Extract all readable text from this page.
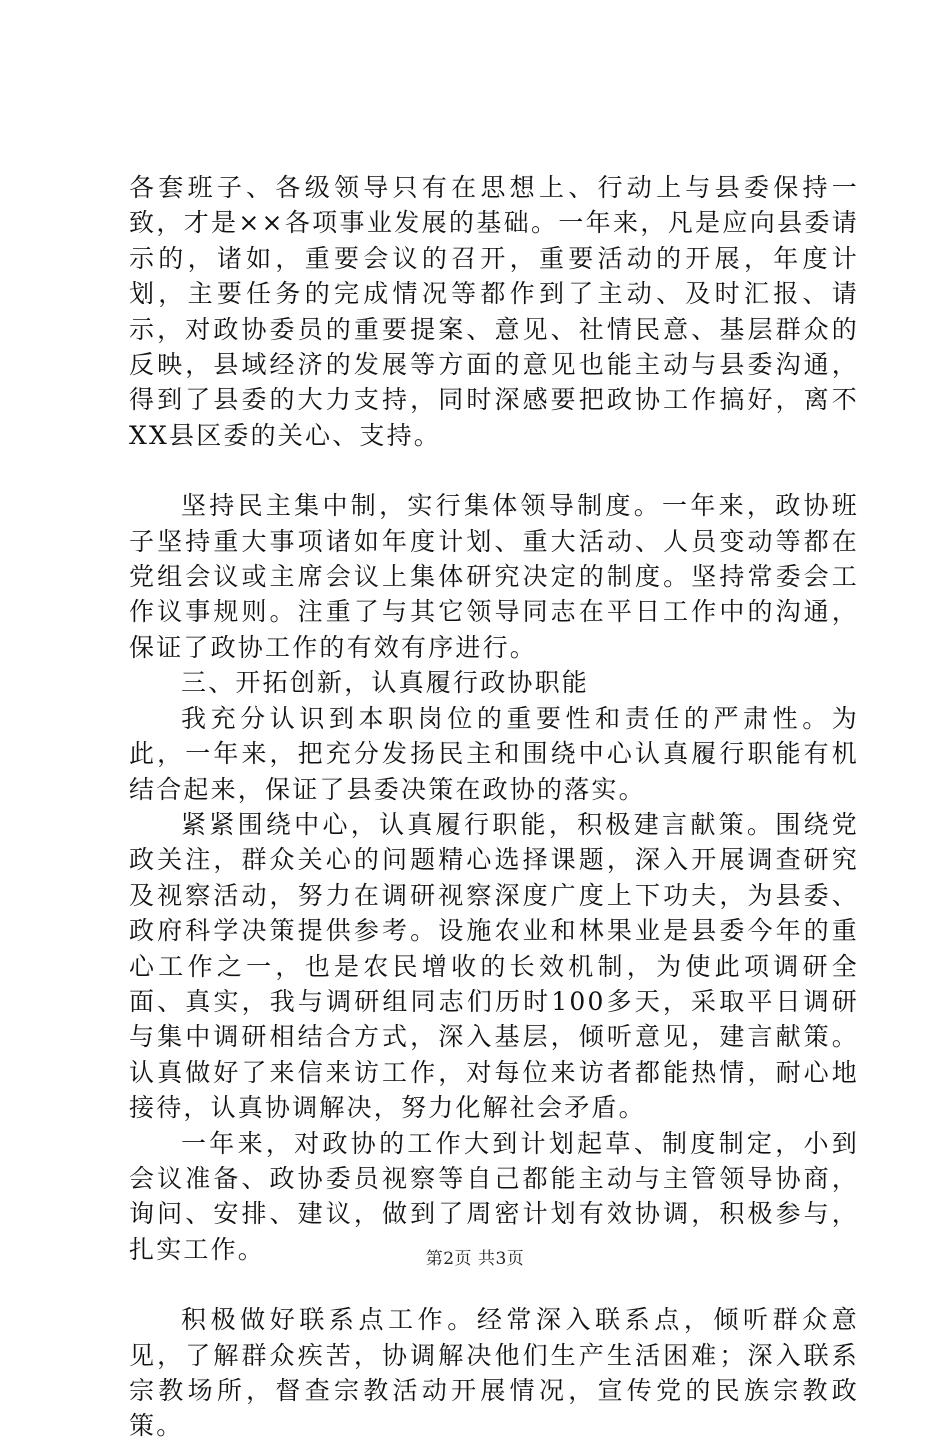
各套班子、各级领导只有在思想上、行动上与县委保持一致，才是××各项事业发展的基础。一年来，凡是应向县委请示的，诸如，重要会议的召开，重要活动的开展，年度计划，主要任务的完成情况等都作到了主动、及时汇报、请示，对政协委员的重要提案、意见、社情民意、基层群众的反映，县域经济的发展等方面的意见也能主动与县委沟通，得到了县委的大力支持，同时深感要把政协工作搞好，离不XX县区委的关心、支持。

坚持民主集中制，实行集体领导制度。一年来，政协班子坚持重大事项诸如年度计划、重大活动、人员变动等都在党组会议或主席会议上集体研究决定的制度。坚持常委会工作议事规则。注重了与其它领导同志在平日工作中的沟通，保证了政协工作的有效有序进行。

三、开拓创新，认真履行政协职能

我充分认识到本职岗位的重要性和责任的严肃性。为此，一年来，把充分发扬民主和围绕中心认真履行职能有机结合起来，保证了县委决策在政协的落实。

紧紧围绕中心，认真履行职能，积极建言献策。围绕党政关注，群众关心的问题精心选择课题，深入开展调查研究及视察活动，努力在调研视察深度广度上下功夫，为县委、政府科学决策提供参考。设施农业和林果业是县委今年的重心工作之一，也是农民增收的长效机制，为使此项调研全面、真实，我与调研组同志们历时100多天，采取平日调研与集中调研相结合方式，深入基层，倾听意见，建言献策。认真做好了来信来访工作，对每位来访者都能热情，耐心地接待，认真协调解决，努力化解社会矛盾。

一年来，对政协的工作大到计划起草、制度制定，小到会议准备、政协委员视察等自己都能主动与主管领导协商，询问、安排、建议，做到了周密计划有效协调，积极参与，扎实工作。

积极做好联系点工作。经常深入联系点，倾听群众意见，了解群众疾苦，协调解决他们生产生活困难；深入联系宗教场所，督查宗教活动开展情况，宣传党的民族宗教政策。

第2页 共3页
